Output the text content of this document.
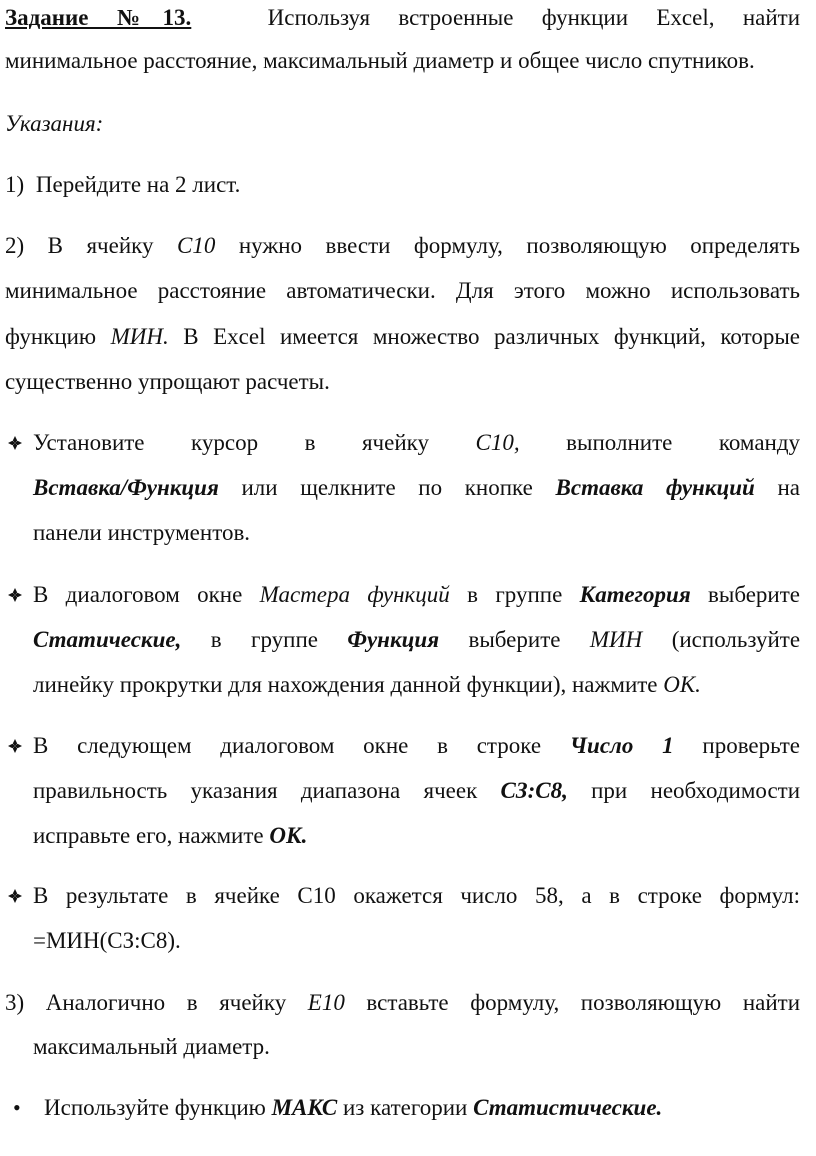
Задание №13.	Используя встроенные функции Excel, найти
минимальное расстояние, максимальный диаметр и общее число спутников.
Указания:
1) Перейдите на 2 лист.
2) В ячейку С10 нужно ввести формулу, позволяющую определять
минимальное расстояние автоматически. Для этого можно использовать
функцию МИН. В Excel имеется множество различных функций, которые
существенно упрощают расчеты.
Установите курсор в ячейку С10, выполните команду
Вставка/Функция или щелкните по кнопке Вставка функций на
панели инструментов.
В диалоговом окне Мастера функций в группе Категория выберите
Статические, в группе Функция выберите МИН (используйте
линейку прокрутки для нахождения данной функции), нажмите ОК.
В следующем диалоговом окне в строке Число 1 проверьте
правильность указания диапазона ячеек СЗ:С8, при необходимости
исправьте его, нажмите ОК.
В результате в ячейке С10 окажется число 58, а в строке формул:
=МИН(СЗ:С8).
3) Аналогично в ячейку Е10 вставьте формулу, позволяющую найти
максимальный диаметр.
• Используйте функцию МАКС из категории Статистические.
